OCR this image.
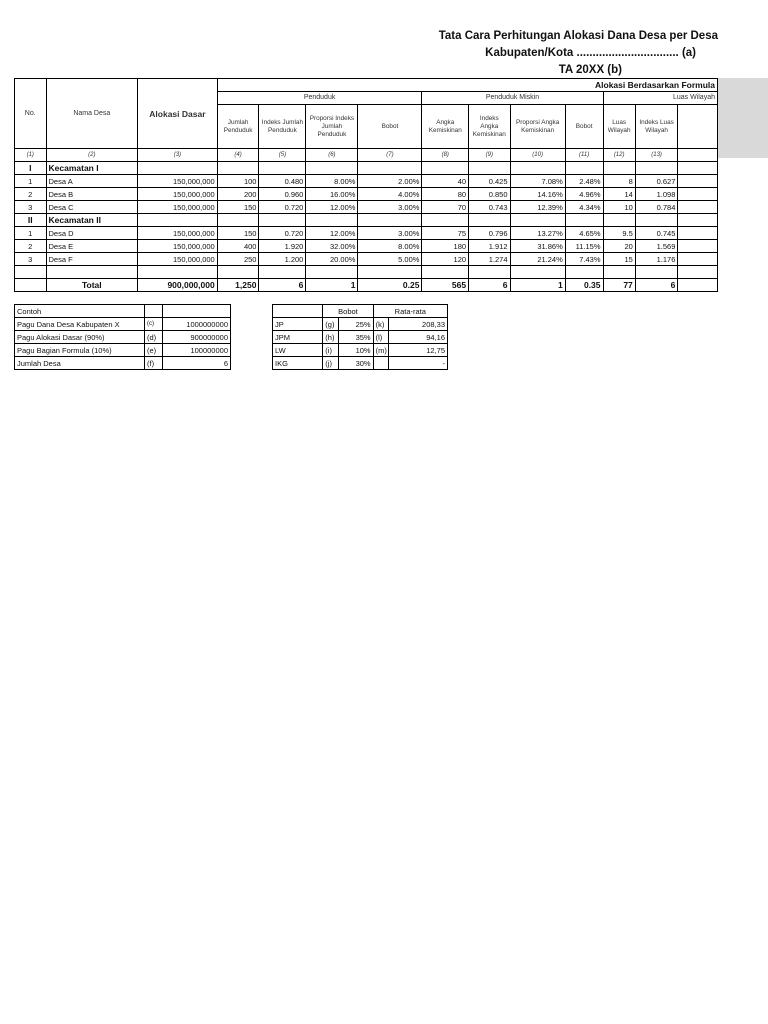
Tata Cara Perhitungan Alokasi Dana Desa per Desa
Kabupaten/Kota ................................ (a)
TA 20XX (b)
No.	Nama Desa	Alokasi Dasar	Alokasi Berdasarkan Formula										
			Penduduk				Penduduk Miskin				Luas Wilayah		
			Jumlah Penduduk	Indeks Jumlah Penduduk	Proporsi Indeks Jumlah Penduduk	Bobot	Angka Kemiskinan	Indeks Angka Kemiskinan	Proporsi Angka Kemiskinan	Bobot	Luas Wilayah	Indeks Luas Wilayah	
(1)	(2)	(3)	(4)	(5)	(6)	(7)	(8)	(9)	(10)	(11)	(12)	(13)	
I	Kecamatan I												
1	Desa A	150,000,000	100	0.480	8.00%	2.00%	40	0.425	7.08%	2.48%	8	0.627	
2	Desa B	150,000,000	200	0.960	16.00%	4.00%	80	0.850	14.16%	4.96%	14	1.098	
3	Desa C	150,000,000	150	0.720	12.00%	3.00%	70	0.743	12.39%	4.34%	10	0.784	
II	Kecamatan II												
1	Desa D	150,000,000	150	0.720	12.00%	3.00%	75	0.796	13.27%	4.65%	9.5	0.745	
2	Desa E	150,000,000	400	1.920	32.00%	8.00%	180	1.912	31.86%	11.15%	20	1.569	
3	Desa F	150,000,000	250	1.200	20.00%	5.00%	120	1.274	21.24%	7.43%	15	1.176	

	Total	900,000,000	1,250	6	1	0.25	565	6	1	0.35	77	6	
Contoh		
Pagu Dana Desa Kabupaten X	(c)	1000000000
Pagu Alokasi Dasar (90%)	(d)	900000000
Pagu Bagian Formula (10%)	(e)	100000000
Jumlah Desa	(f)	6
	Bobot		Rata-rata	
JP	(g)	25%	(k)	208,33
JPM	(h)	35%	(l)	94,16
LW	(i)	10%	(m)	12,75
IKG	(j)	30%		-
